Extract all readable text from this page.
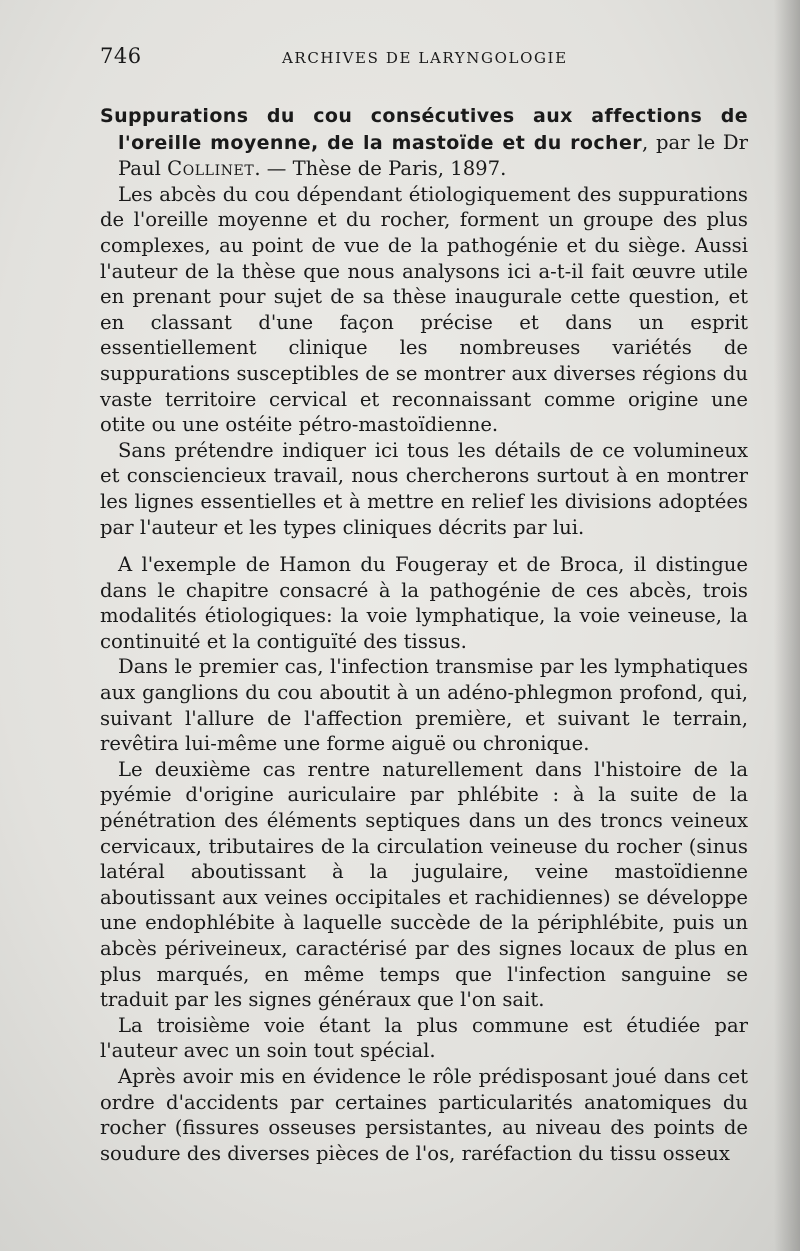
746	ARCHIVES DE LARYNGOLOGIE

Suppurations du cou consécutives aux affections de l'oreille moyenne, de la mastoïde et du rocher, par le Dr Paul Collinet. — Thèse de Paris, 1897.

Les abcès du cou dépendant étiologiquement des suppurations de l'oreille moyenne et du rocher, forment un groupe des plus complexes, au point de vue de la pathogénie et du siège. Aussi l'auteur de la thèse que nous analysons ici a-t-il fait œuvre utile en prenant pour sujet de sa thèse inaugurale cette question, et en classant d'une façon précise et dans un esprit essentiellement clinique les nombreuses variétés de suppurations susceptibles de se montrer aux diverses régions du vaste territoire cervical et reconnaissant comme origine une otite ou une ostéite pétro-mastoïdienne.

Sans prétendre indiquer ici tous les détails de ce volumineux et consciencieux travail, nous chercherons surtout à en montrer les lignes essentielles et à mettre en relief les divisions adoptées par l'auteur et les types cliniques décrits par lui.

A l'exemple de Hamon du Fougeray et de Broca, il distingue dans le chapitre consacré à la pathogénie de ces abcès, trois modalités étiologiques: la voie lymphatique, la voie veineuse, la continuité et la contiguïté des tissus.

Dans le premier cas, l'infection transmise par les lymphatiques aux ganglions du cou aboutit à un adéno-phlegmon profond, qui, suivant l'allure de l'affection première, et suivant le terrain, revêtira lui-même une forme aiguë ou chronique.

Le deuxième cas rentre naturellement dans l'histoire de la pyémie d'origine auriculaire par phlébite : à la suite de la pénétration des éléments septiques dans un des troncs veineux cervicaux, tributaires de la circulation veineuse du rocher (sinus latéral aboutissant à la jugulaire, veine mastoïdienne aboutissant aux veines occipitales et rachidiennes) se développe une endophlébite à laquelle succède de la périphlébite, puis un abcès périveineux, caractérisé par des signes locaux de plus en plus marqués, en même temps que l'infection sanguine se traduit par les signes généraux que l'on sait.

La troisième voie étant la plus commune est étudiée par l'auteur avec un soin tout spécial.

Après avoir mis en évidence le rôle prédisposant joué dans cet ordre d'accidents par certaines particularités anatomiques du rocher (fissures osseuses persistantes, au niveau des points de soudure des diverses pièces de l'os, raréfaction du tissu osseux
